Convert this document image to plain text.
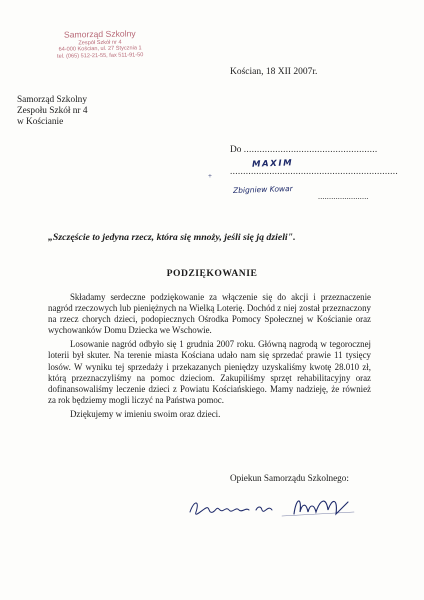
Samorząd Szkolny
Zespół Szkół nr 4
64-000 Kościan, ul. 27 Stycznia 1
tel. (065) 512-21-55, fax 511-91-50
Kościan, 18 XII 2007r.
Samorząd Szkolny
Zespołu Szkół nr 4
w Kościanie
Do ...................................................
+
MAXIM
................................................................
Zbigniew Kowar
.......................
„Szczęście to jedyna rzecz, która się mnoży, jeśli się ją dzieli".
PODZIĘKOWANIE

Składamy serdeczne podziękowanie za włączenie się do akcji i przeznaczenie nagród rzeczowych lub pieniężnych na Wielką Loterię. Dochód z niej został przeznaczony na rzecz chorych dzieci, podopiecznych Ośrodka Pomocy Społecznej w Kościanie oraz wychowanków Domu Dziecka we Wschowie.

Losowanie nagród odbyło się 1 grudnia 2007 roku. Główną nagrodą w tegorocznej loterii był skuter. Na terenie miasta Kościana udało nam się sprzedać prawie 11 tysięcy losów. W wyniku tej sprzedaży i przekazanych pieniędzy uzyskaliśmy kwotę 28.010 zł, którą przeznaczyliśmy na pomoc dzieciom. Zakupiliśmy sprzęt rehabilitacyjny oraz dofinansowaliśmy leczenie dzieci z Powiatu Kościańskiego. Mamy nadzieję, że również za rok będziemy mogli liczyć na Państwa pomoc.

Dziękujemy w imieniu swoim oraz dzieci.

Opiekun Samorządu Szkolnego:
